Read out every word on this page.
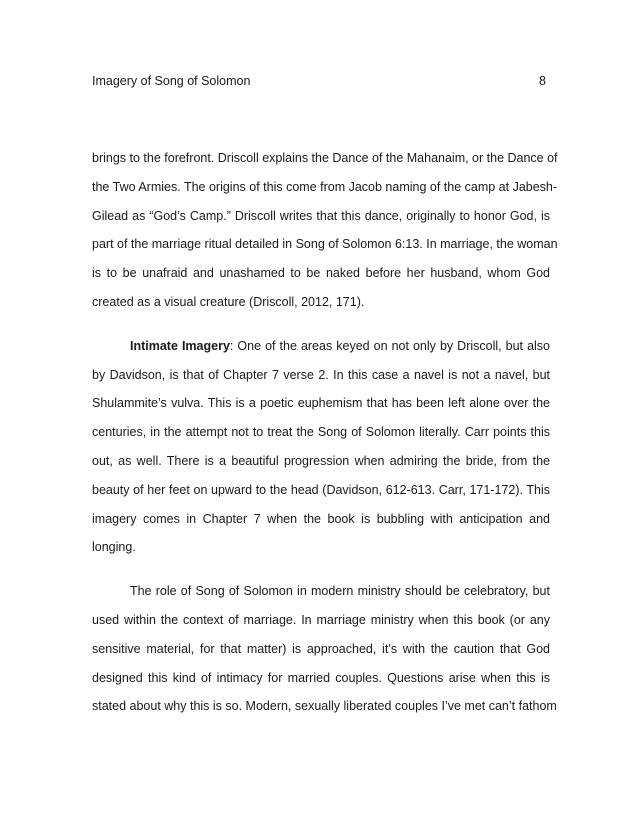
Imagery of Song of Solomon	8
brings to the forefront. Driscoll explains the Dance of the Mahanaim, or the Dance of
the Two Armies. The origins of this come from Jacob naming of the camp at Jabesh-
Gilead as “God’s Camp.” Driscoll writes that this dance, originally to honor God, is
part of the marriage ritual detailed in Song of Solomon 6:13. In marriage, the woman
is to be unafraid and unashamed to be naked before her husband, whom God
created as a visual creature (Driscoll, 2012, 171).
Intimate Imagery: One of the areas keyed on not only by Driscoll, but also
by Davidson, is that of Chapter 7 verse 2. In this case a navel is not a navel, but
Shulammite’s vulva. This is a poetic euphemism that has been left alone over the
centuries, in the attempt not to treat the Song of Solomon literally. Carr points this
out, as well. There is a beautiful progression when admiring the bride, from the
beauty of her feet on upward to the head (Davidson, 612-613. Carr, 171-172). This
imagery comes in Chapter 7 when the book is bubbling with anticipation and
longing.
The role of Song of Solomon in modern ministry should be celebratory, but
used within the context of marriage. In marriage ministry when this book (or any
sensitive material, for that matter) is approached, it’s with the caution that God
designed this kind of intimacy for married couples. Questions arise when this is
stated about why this is so. Modern, sexually liberated couples I’ve met can’t fathom
